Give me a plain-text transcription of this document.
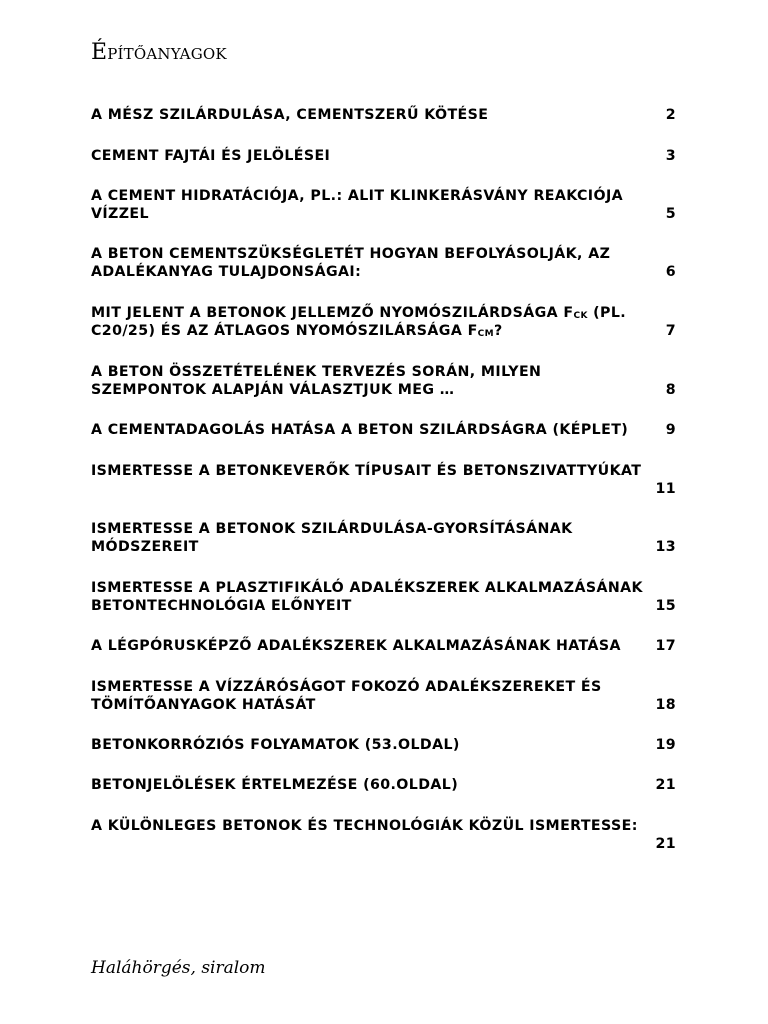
Építőanyagok
A MÉSZ SZILÁRDULÁSA, CEMENTSZERŰ KÖTÉSE	2
CEMENT FAJTÁI ÉS JELÖLÉSEI	3
A CEMENT HIDRATÁCIÓJA, PL.: ALIT KLINKERÁSVÁNY REAKCIÓJA
VÍZZEL	5
A BETON CEMENTSZÜKSÉGLETÉT HOGYAN BEFOLYÁSOLJÁK, AZ
ADALÉKANYAG TULAJDONSÁGAI:	6
MIT JELENT A BETONOK JELLEMZŐ NYOMÓSZILÁRDSÁGA $F_{CK}$ (PL.
C20/25) ÉS AZ ÁTLAGOS NYOMÓSZILÁRSÁGA $F_{CM}$?	7
A BETON ÖSSZETÉTELÉNEK TERVEZÉS SORÁN, MILYEN
SZEMPONTOK ALAPJÁN VÁLASZTJUK MEG …	8
A CEMENTADAGOLÁS HATÁSA A BETON SZILÁRDSÁGRA (KÉPLET)	9
ISMERTESSE A BETONKEVERŐK TÍPUSAIT ÉS BETONSZIVATTYÚKAT
11
ISMERTESSE A BETONOK SZILÁRDULÁSA-GYORSÍTÁSÁNAK
MÓDSZEREIT	13
ISMERTESSE A PLASZTIFIKÁLÓ ADALÉKSZEREK ALKALMAZÁSÁNAK
BETONTECHNOLÓGIA ELŐNYEIT	15
A LÉGPÓRUSKÉPZŐ ADALÉKSZEREK ALKALMAZÁSÁNAK HATÁSA 17
ISMERTESSE A VÍZZÁRÓSÁGOT FOKOZÓ ADALÉKSZEREKET ÉS
TÖMÍTŐANYAGOK HATÁSÁT	18
BETONKORRÓZIÓS FOLYAMATOK (53.OLDAL)	19
BETONJELÖLÉSEK ÉRTELMEZÉSE (60.OLDAL)	21
A KÜLÖNLEGES BETONOK ÉS TECHNOLÓGIÁK KÖZÜL ISMERTESSE:
21
Haláhörgés, siralom
